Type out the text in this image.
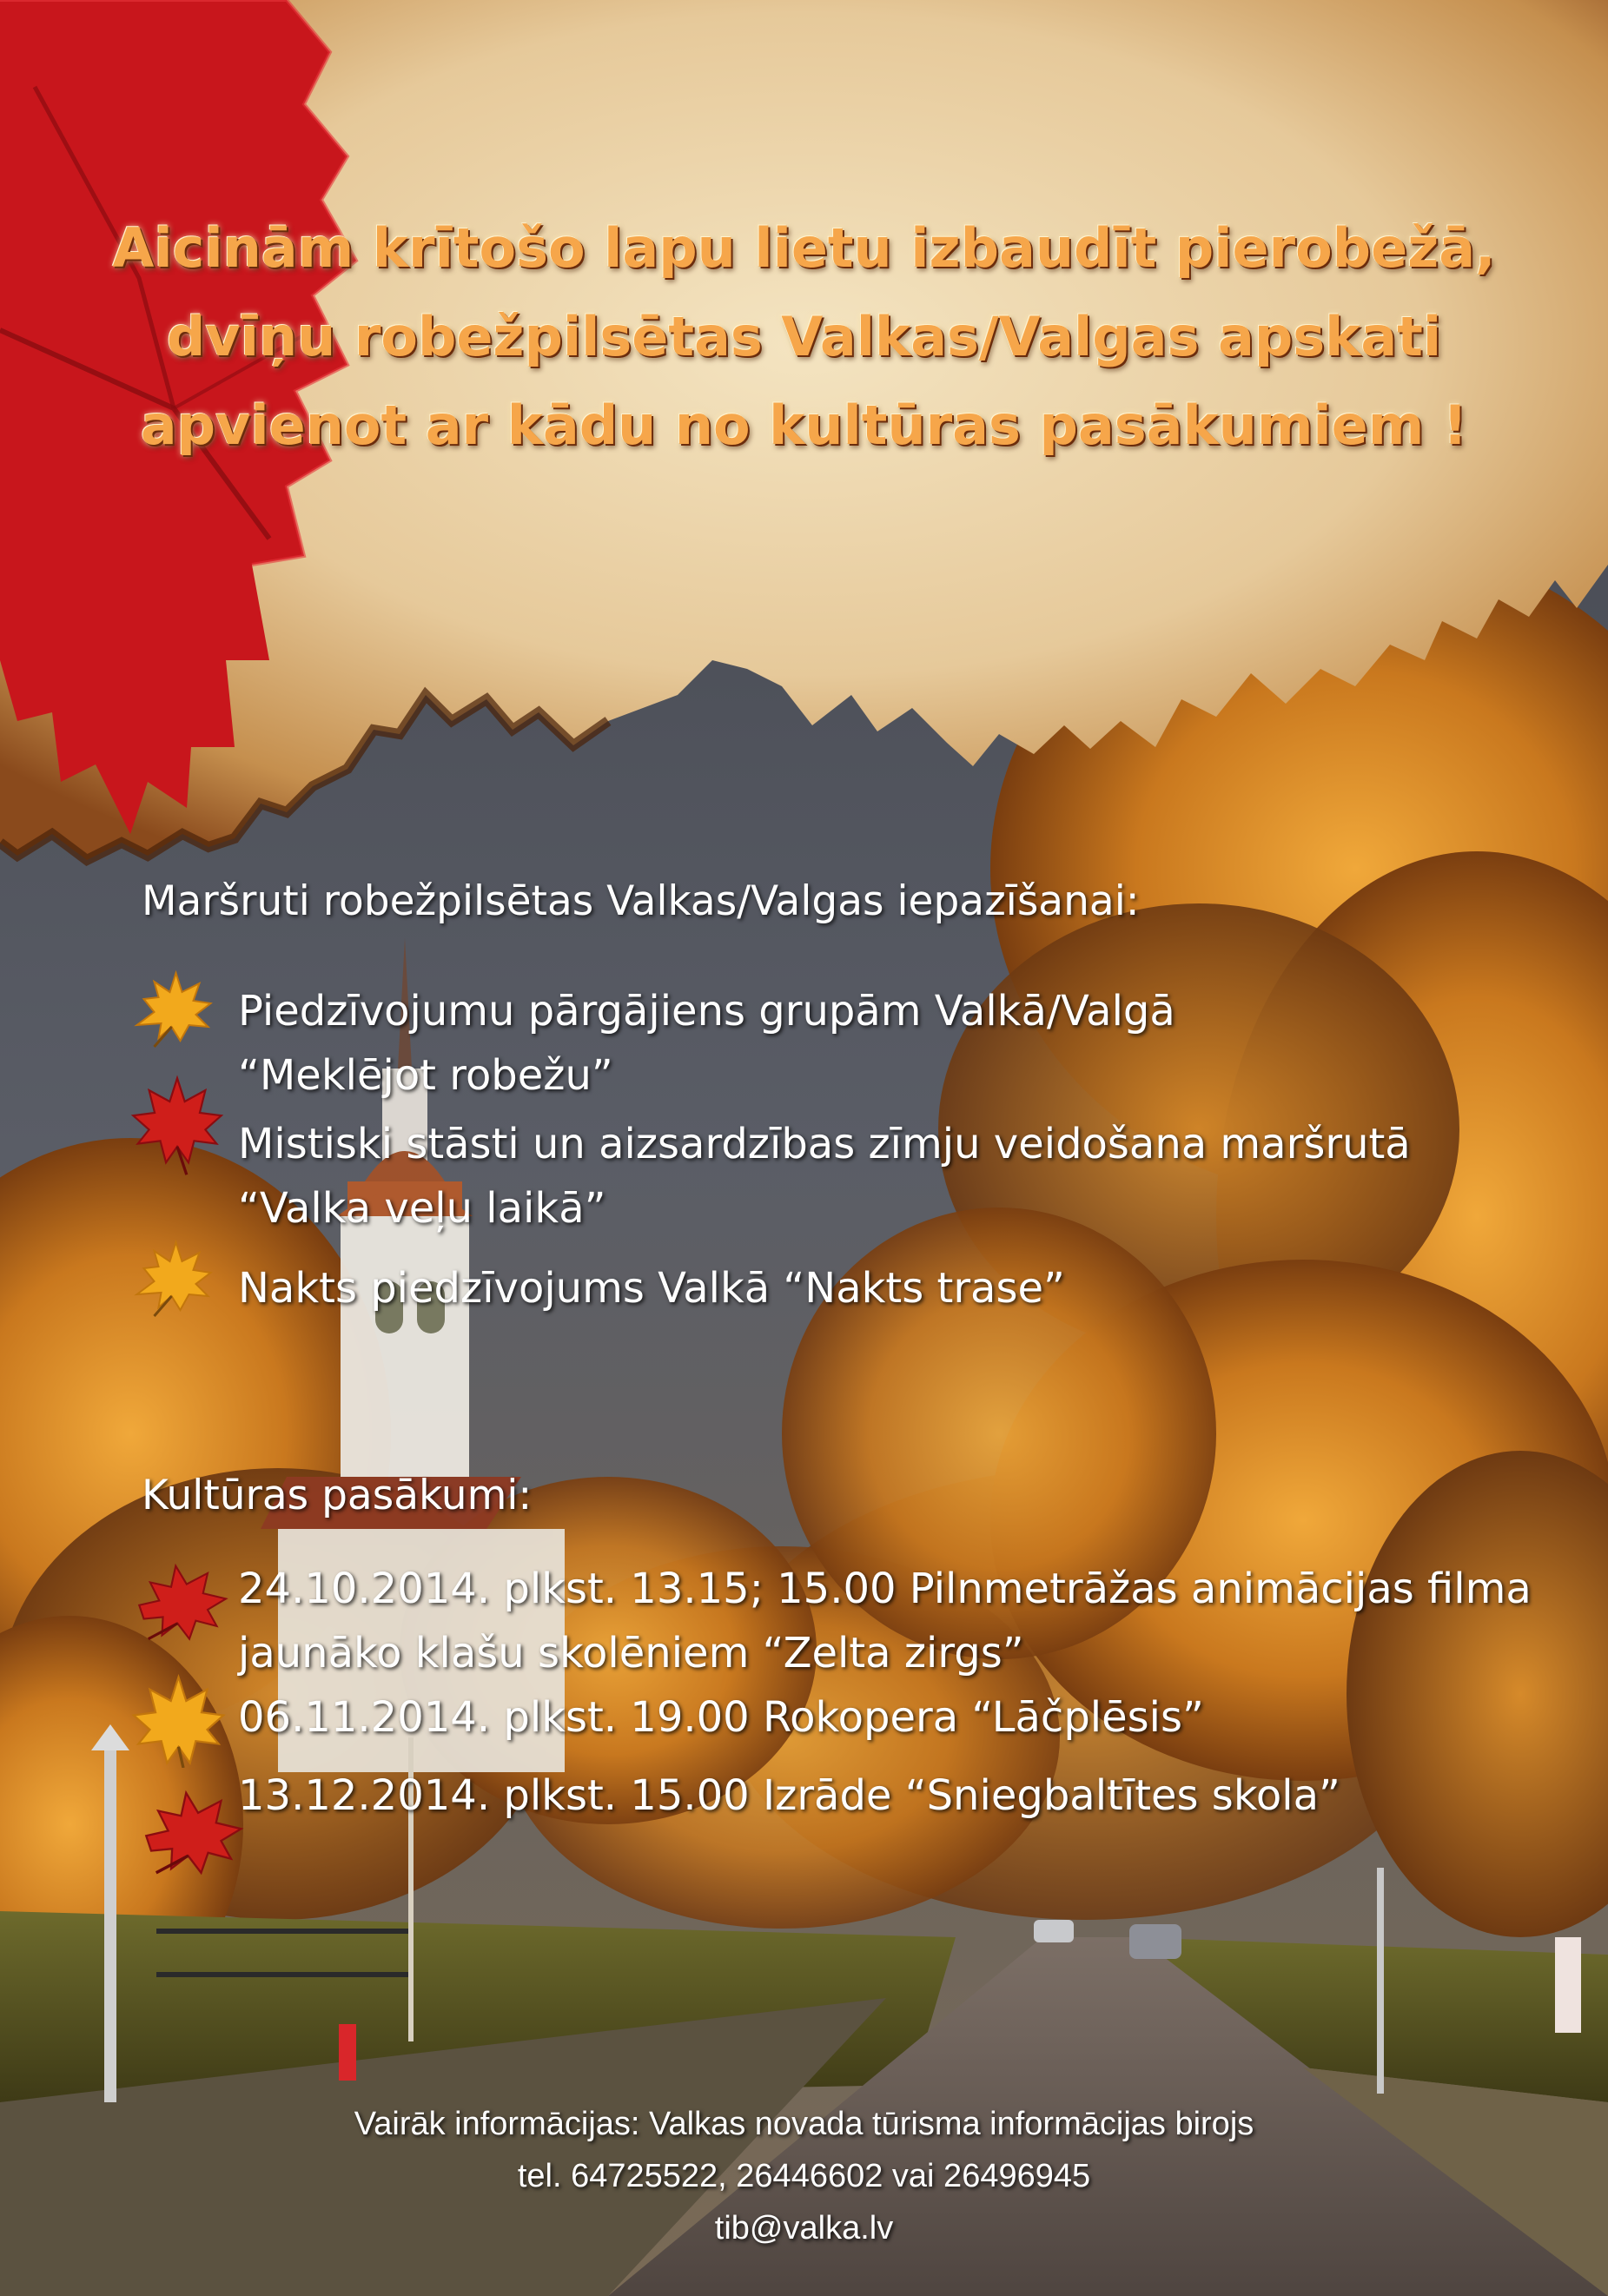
Aicinām krītošo lapu lietu izbaudīt pierobežā,
dvīņu robežpilsētas Valkas/Valgas apskati
apvienot ar kādu no kultūras pasākumiem !
Maršruti robežpilsētas Valkas/Valgas iepazīšanai:
Piedzīvojumu pārgājiens grupām Valkā/Valgā
“Meklējot robežu”
Mistiski stāsti un aizsardzības zīmju veidošana maršrutā
“Valka veļu laikā”
Nakts piedzīvojums Valkā “Nakts trase”
Kultūras pasākumi:
24.10.2014. plkst. 13.15; 15.00 Pilnmetrāžas animācijas filma
jaunāko klašu skolēniem “Zelta zirgs”
06.11.2014. plkst. 19.00 Rokopera “Lāčplēsis”
13.12.2014. plkst. 15.00 Izrāde “Sniegbaltītes skola”
Vairāk informācijas: Valkas novada tūrisma informācijas birojs
tel. 64725522, 26446602 vai 26496945
tib@valka.lv
